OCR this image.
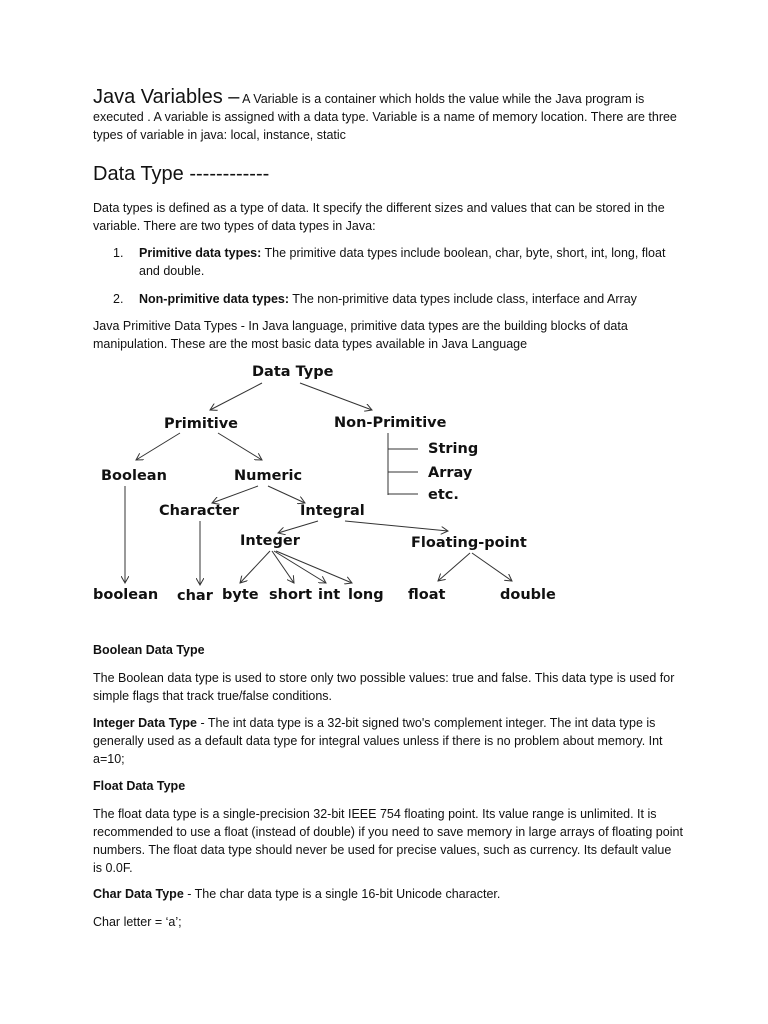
Java Variables – A Variable is a container which holds the value while the Java program is executed . A variable is assigned with a data type. Variable is a name of memory location. There are three types of variable in java: local, instance, static
Data Type ------------
Data types is defined as a type of data. It specify the different sizes and values that can be stored in the variable. There are two types of data types in Java:
1. Primitive data types: The primitive data types include boolean, char, byte, short, int, long, float and double.
2. Non-primitive data types: The non-primitive data types include class, interface and Array
Java Primitive Data Types - In Java language, primitive data types are the building blocks of data manipulation. These are the most basic data types available in Java Language
Data Type
Primitive	Non-Primitive
String
Array
etc.
Boolean	Numeric
Character	Integral
Integer	Floating-point
boolean char byte short int long float	double
Boolean Data Type
The Boolean data type is used to store only two possible values: true and false. This data type is used for simple flags that track true/false conditions.
Integer Data Type - The int data type is a 32-bit signed two's complement integer. The int data type is generally used as a default data type for integral values unless if there is no problem about memory. Int a=10;
Float Data Type
The float data type is a single-precision 32-bit IEEE 754 floating point. Its value range is unlimited. It is recommended to use a float (instead of double) if you need to save memory in large arrays of floating point numbers. The float data type should never be used for precise values, such as currency. Its default value is 0.0F.
Char Data Type - The char data type is a single 16-bit Unicode character.
Char letter = ‘a’;
